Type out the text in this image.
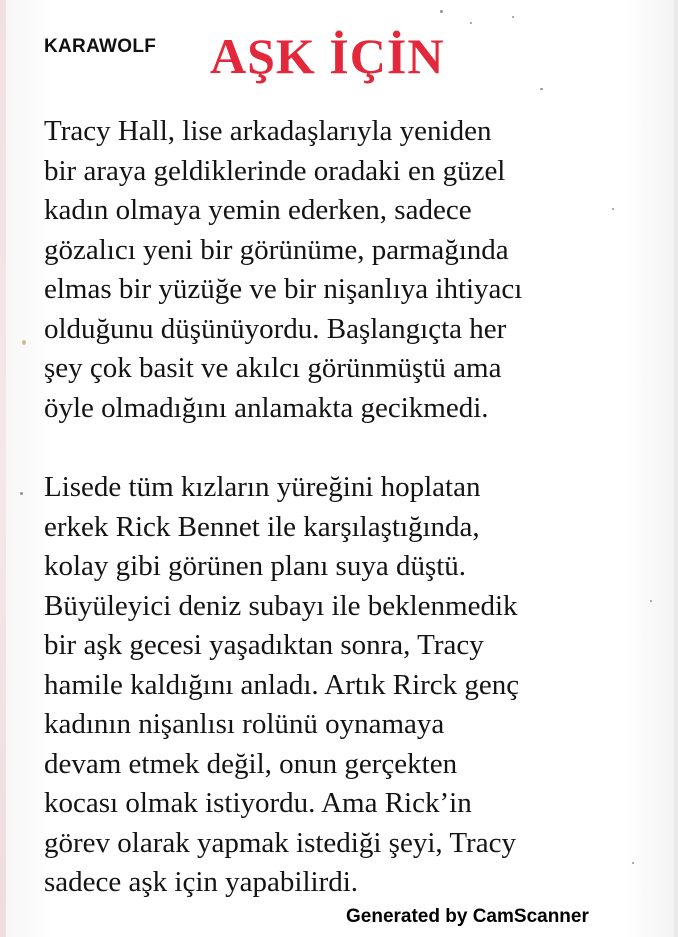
KARAWOLF AŞK İÇİN

Tracy Hall, lise arkadaşlarıyla yeniden
bir araya geldiklerinde oradaki en güzel
kadın olmaya yemin ederken, sadece
gözalıcı yeni bir görünüme, parmağında
elmas bir yüzüğe ve bir nişanlıya ihtiyacı
olduğunu düşünüyordu. Başlangıçta her
şey çok basit ve akılcı görünmüştü ama
öyle olmadığını anlamakta gecikmedi.

Lisede tüm kızların yüreğini hoplatan
erkek Rick Bennet ile karşılaştığında,
kolay gibi görünen planı suya düştü.
Büyüleyici deniz subayı ile beklenmedik
bir aşk gecesi yaşadıktan sonra, Tracy
hamile kaldığını anladı. Artık Rirck genç
kadının nişanlısı rolünü oynamaya
devam etmek değil, onun gerçekten
kocası olmak istiyordu. Ama Rick’in
görev olarak yapmak istediği şeyi, Tracy
sadece aşk için yapabilirdi.

Generated by CamScanner
